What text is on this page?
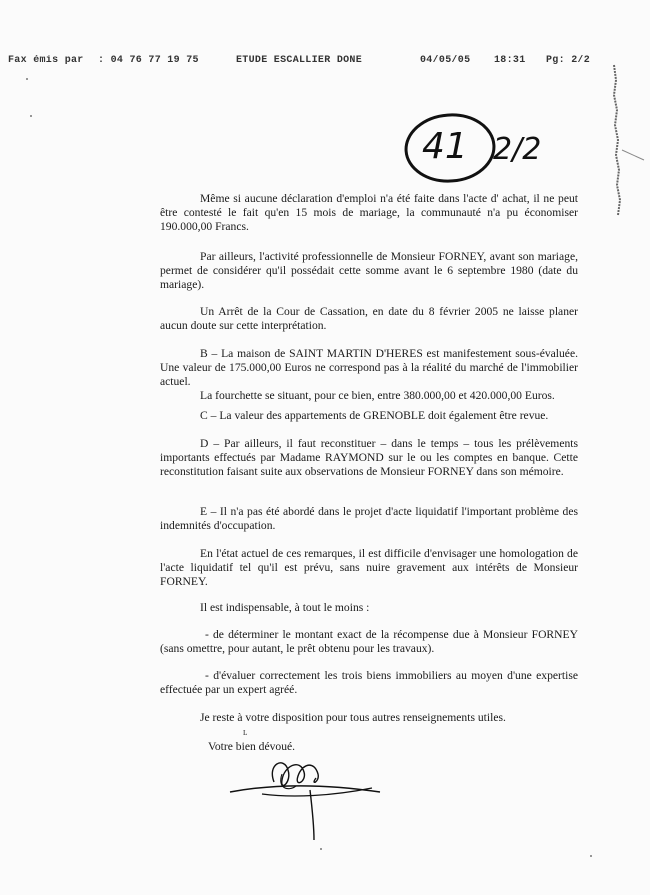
Fax émis par : 04 76 77 19 75	ETUDE ESCALLIER DONE	04/05/05 18:31 Pg: 2/2
41 2/2

Même si aucune déclaration d'emploi n'a été faite dans l'acte d' achat, il ne peut être contesté le fait qu'en 15 mois de mariage, la communauté n'a pu économiser 190.000,00 Francs.

Par ailleurs, l'activité professionnelle de Monsieur FORNEY, avant son mariage, permet de considérer qu'il possédait cette somme avant le 6 septembre 1980 (date du mariage).

Un Arrêt de la Cour de Cassation, en date du 8 février 2005 ne laisse planer aucun doute sur cette interprétation.

B – La maison de SAINT MARTIN D'HERES est manifestement sous-évaluée. Une valeur de 175.000,00 Euros ne correspond pas à la réalité du marché de l'immobilier actuel.

La fourchette se situant, pour ce bien, entre 380.000,00 et 420.000,00 Euros.

C – La valeur des appartements de GRENOBLE doit également être revue.

D – Par ailleurs, il faut reconstituer – dans le temps – tous les prélèvements importants effectués par Madame RAYMOND sur le ou les comptes en banque. Cette reconstitution faisant suite aux observations de Monsieur FORNEY dans son mémoire.

E – Il n'a pas été abordé dans le projet d'acte liquidatif l'important problème des indemnités d'occupation.

En l'état actuel de ces remarques, il est difficile d'envisager une homologation de l'acte liquidatif tel qu'il est prévu, sans nuire gravement aux intérêts de Monsieur FORNEY.

Il est indispensable, à tout le moins :

- de déterminer le montant exact de la récompense due à Monsieur FORNEY (sans omettre, pour autant, le prêt obtenu pour les travaux).

- d'évaluer correctement les trois biens immobiliers au moyen d'une expertise effectuée par un expert agréé.

Je reste à votre disposition pour tous autres renseignements utiles.

Votre bien dévoué.

ʟ
